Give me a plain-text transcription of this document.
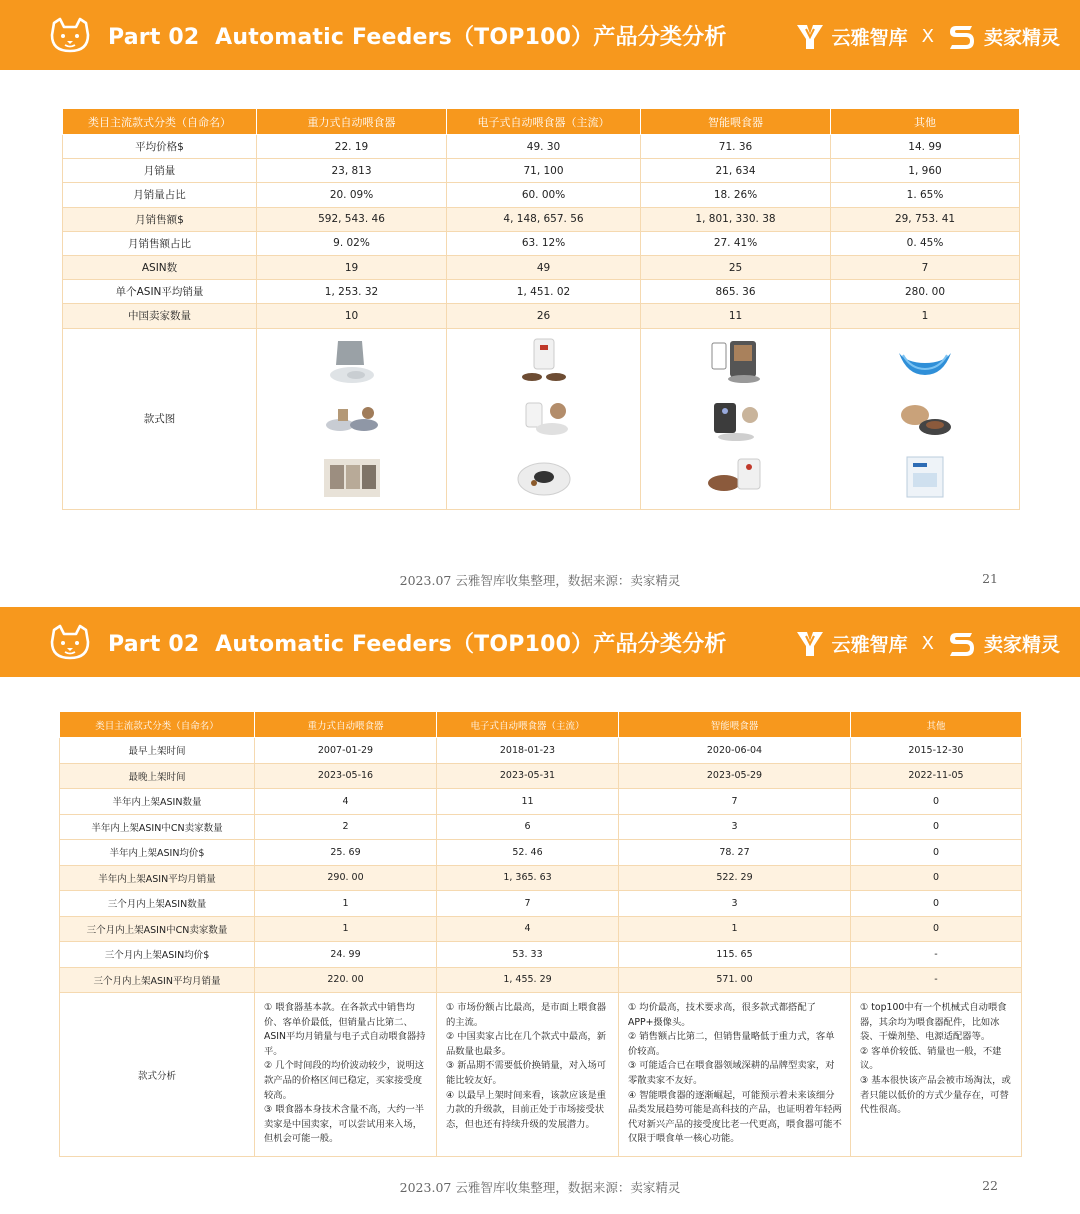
Part 02 Automatic Feeders（TOP100）产品分类分析	云雅智库 X	卖家精灵
类目主流款式分类（自命名）	重力式自动喂食器	电子式自动喂食器（主流）	智能喂食器	其他
平均价格$	22. 19	49. 30	71. 36	14. 99
月销量	23, 813	71, 100	21, 634	1, 960
月销量占比	20. 09%	60. 00%	18. 26%	1. 65%
月销售额$	592, 543. 46	4, 148, 657. 56	1, 801, 330. 38	29, 753. 41
月销售额占比	9. 02%	63. 12%	27. 41%	0. 45%
ASIN数	19	49	25	7
单个ASIN平均销量	1, 253. 32	1, 451. 02	865. 36	280. 00
中国卖家数量	10	26	11	1
款式图	

2023.07 云雅智库收集整理，数据来源：卖家精灵	21
Part 02 Automatic Feeders（TOP100）产品分类分析	云雅智库 X	卖家精灵
类目主流款式分类（自命名）	重力式自动喂食器	电子式自动喂食器（主流）	智能喂食器	其他
最早上架时间	2007-01-29	2018-01-23	2020-06-04	2015-12-30
最晚上架时间	2023-05-16	2023-05-31	2023-05-29	2022-11-05
半年内上架ASIN数量	4	11	7	0
半年内上架ASIN中CN卖家数量	2	6	3	0
半年内上架ASIN均价$	25. 69	52. 46	78. 27	0
半年内上架ASIN平均月销量	290. 00	1, 365. 63	522. 29	0
三个月内上架ASIN数量	1	7	3	0
三个月内上架ASIN中CN卖家数量	1	4	1	0
三个月内上架ASIN均价$	24. 99	53. 33	115. 65	-
三个月内上架ASIN平均月销量	220. 00	1, 455. 29	571. 00	-
款式分析	① 喂食器基本款。在各款式中销售均价、客单价最低，但销量占比第二、ASIN平均月销量与电子式自动喂食器持平。
② 几个时间段的均价波动较少，说明这款产品的价格区间已稳定，买家接受度较高。
③ 喂食器本身技术含量不高，大约一半卖家是中国卖家，可以尝试用来入场，但机会可能一般。	① 市场份额占比最高，是市面上喂食器的主流。
② 中国卖家占比在几个款式中最高，新品数量也最多。
③ 新品期不需要低价换销量，对入场可能比较友好。
④ 以最早上架时间来看，该款应该是重力款的升级款，目前正处于市场接受状态，但也还有持续升级的发展潜力。	① 均价最高，技术要求高，很多款式都搭配了APP+摄像头。
② 销售额占比第二，但销售量略低于重力式，客单价较高。
③ 可能适合已在喂食器领域深耕的品牌型卖家，对零散卖家不友好。
④ 智能喂食器的逐渐崛起，可能预示着未来该细分品类发展趋势可能是高科技的产品，也证明着年轻两代对新兴产品的接受度比老一代更高，喂食器可能不仅限于喂食单一核心功能。	① top100中有一个机械式自动喂食器，其余均为喂食器配件，比如冰袋、干燥剂垫、电源适配器等。
② 客单价较低、销量也一般，不建议。
③ 基本很快该产品会被市场淘汰，或者只能以低价的方式少量存在，可替代性很高。
2023.07 云雅智库收集整理，数据来源：卖家精灵	22
